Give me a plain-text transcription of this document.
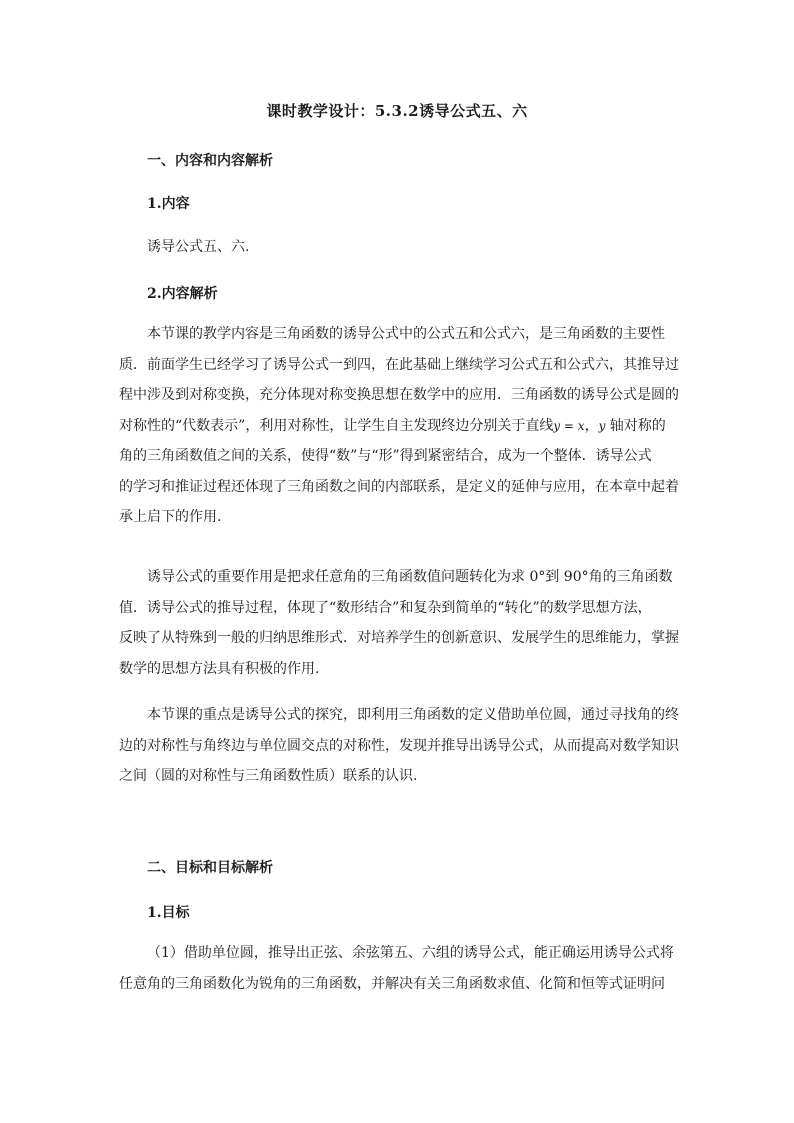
课时教学设计：5.3.2诱导公式五、六
一、内容和内容解析
1.内容
诱导公式五、六.
2.内容解析
本节课的教学内容是三角函数的诱导公式中的公式五和公式六，是三角函数的主要性
质．前面学生已经学习了诱导公式一到四，在此基础上继续学习公式五和公式六，其推导过
程中涉及到对称变换，充分体现对称变换思想在数学中的应用．三角函数的诱导公式是圆的
对称性的“代数表示”，利用对称性，让学生自主发现终边分别关于直线y = x，y 轴对称的
角的三角函数值之间的关系，使得“数”与“形”得到紧密结合，成为一个整体．诱导公式
的学习和推证过程还体现了三角函数之间的内部联系，是定义的延伸与应用，在本章中起着
承上启下的作用.
诱导公式的重要作用是把求任意角的三角函数值问题转化为求 0°到 90°角的三角函数
值．诱导公式的推导过程，体现了“数形结合”和复杂到简单的“转化”的数学思想方法，
反映了从特殊到一般的归纳思维形式．对培养学生的创新意识、发展学生的思维能力，掌握
数学的思想方法具有积极的作用.
本节课的重点是诱导公式的探究，即利用三角函数的定义借助单位圆，通过寻找角的终
边的对称性与角终边与单位圆交点的对称性，发现并推导出诱导公式，从而提高对数学知识
之间（圆的对称性与三角函数性质）联系的认识.
二、目标和目标解析
1.目标
（1）借助单位圆，推导出正弦、余弦第五、六组的诱导公式，能正确运用诱导公式将
任意角的三角函数化为锐角的三角函数，并解决有关三角函数求值、化简和恒等式证明问
